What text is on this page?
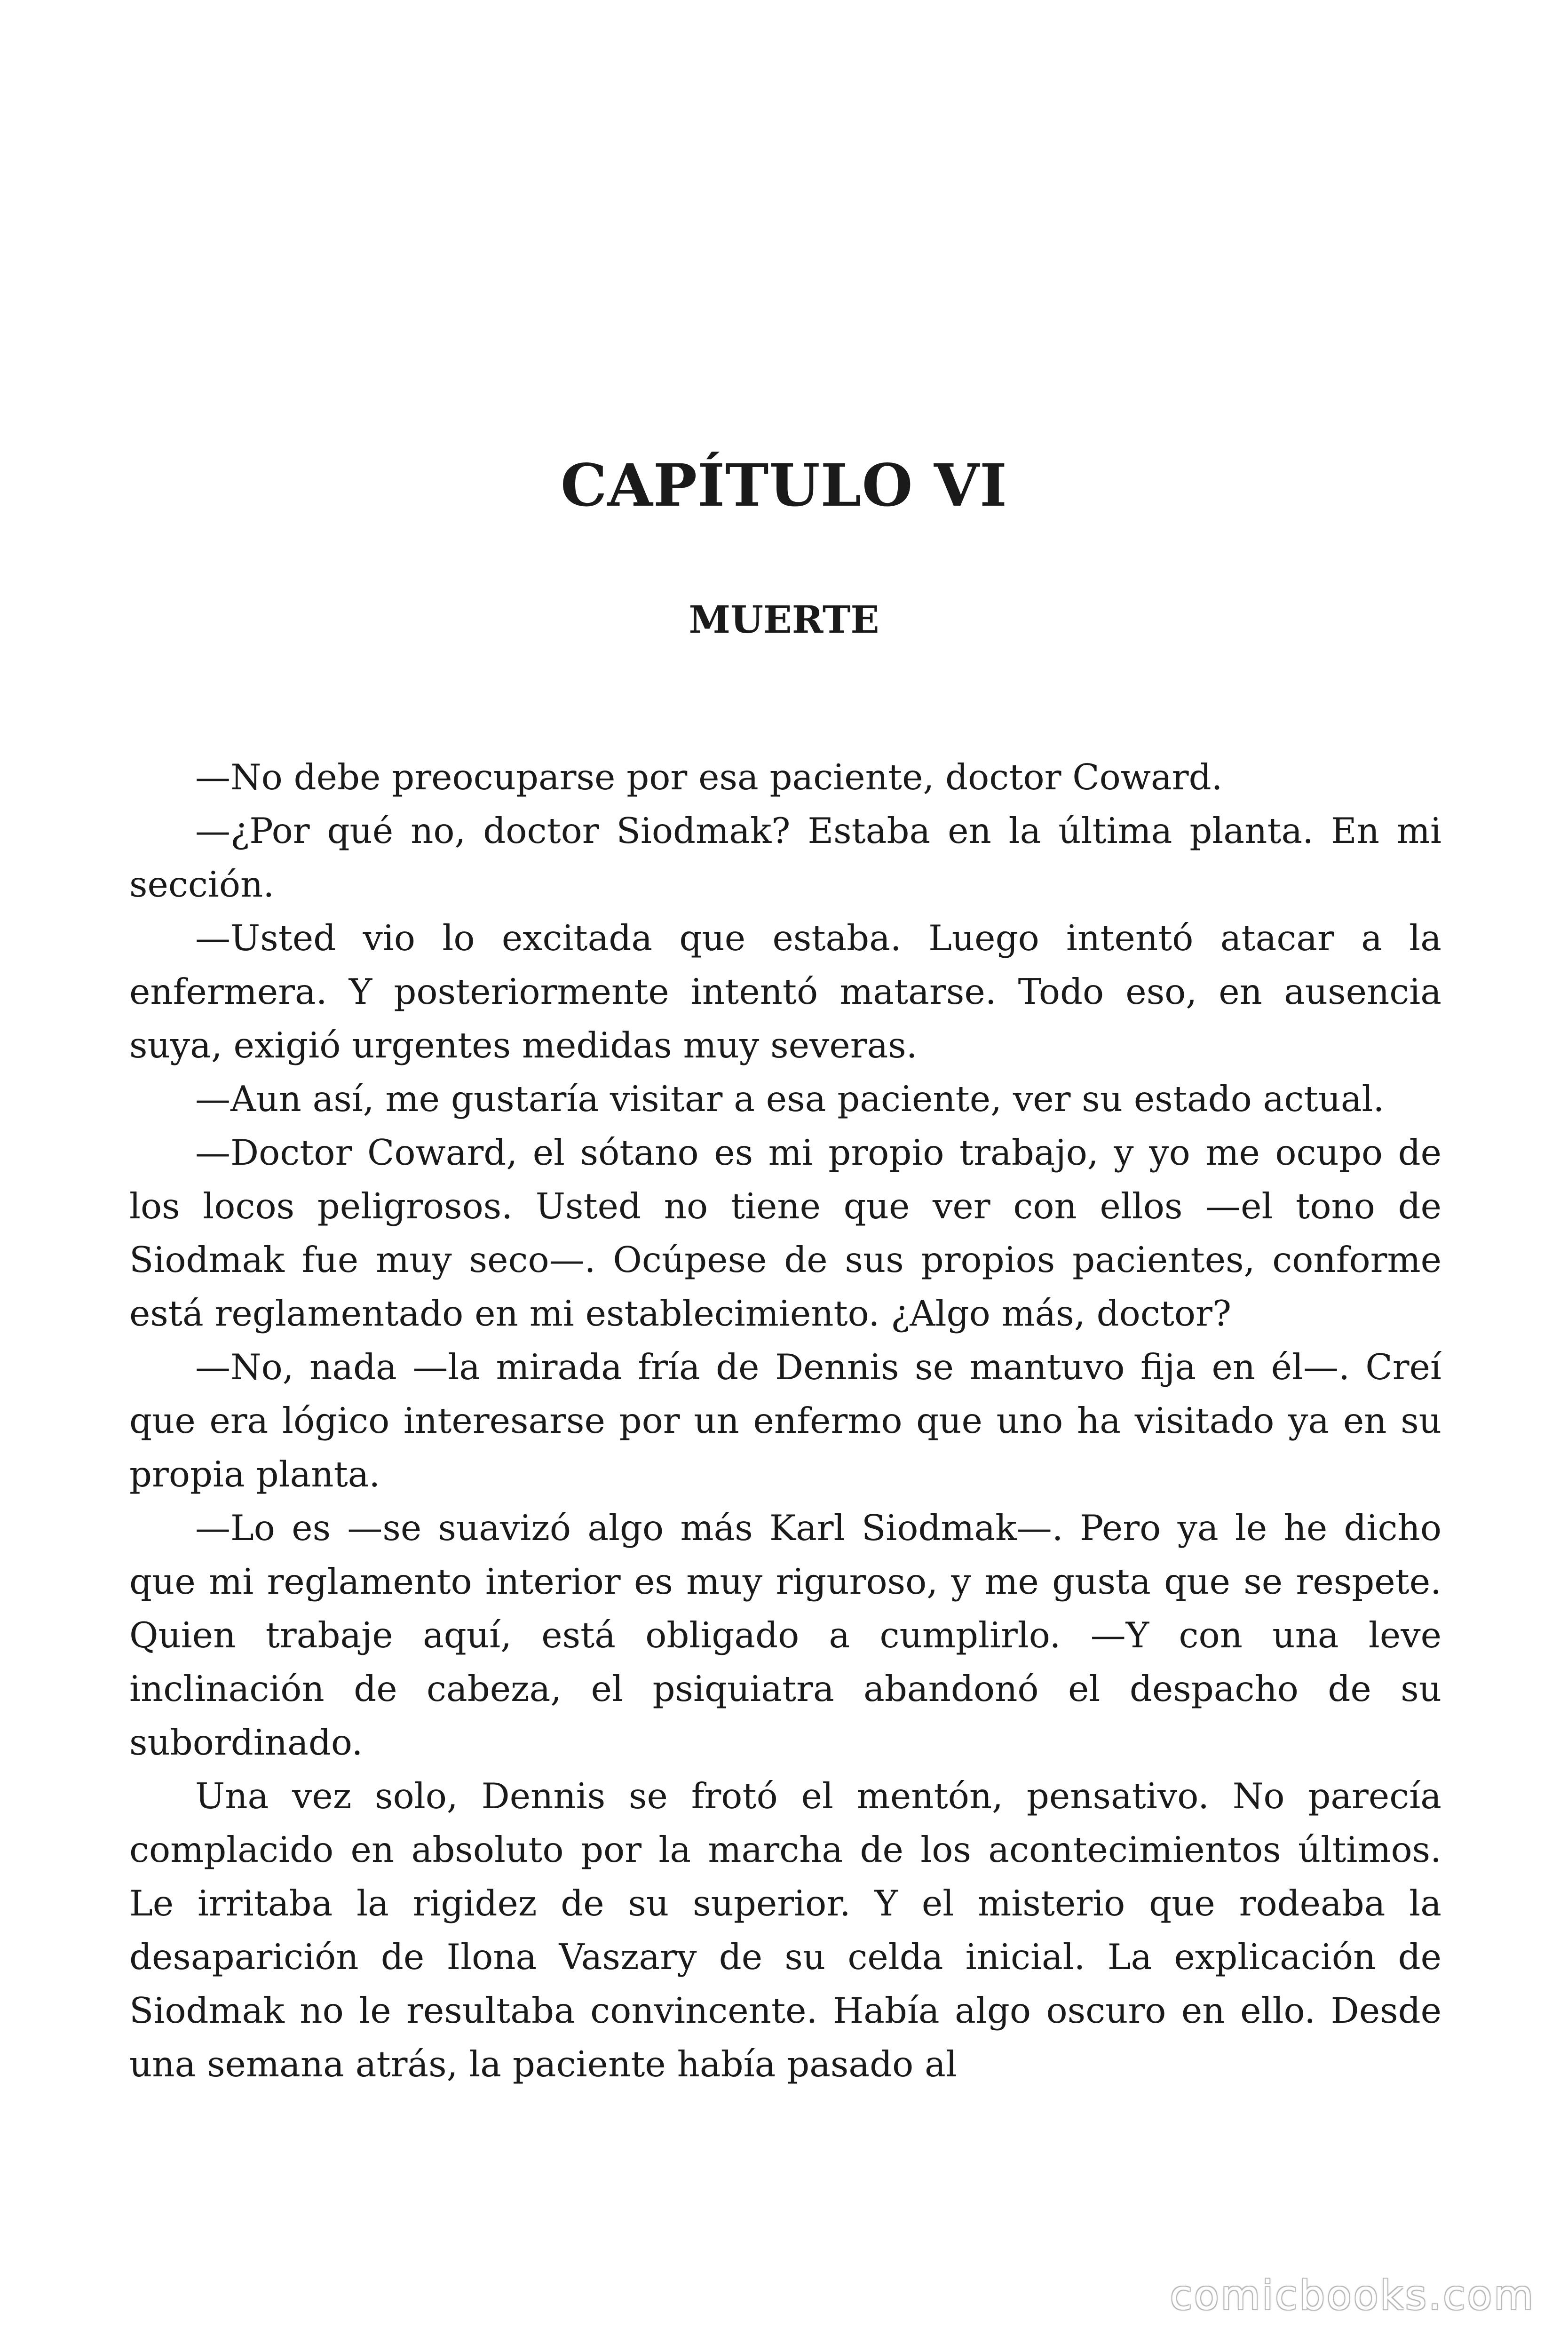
CAPÍTULO VI
MUERTE

—No debe preocuparse por esa paciente, doctor Coward.

—¿Por qué no, doctor Siodmak? Estaba en la última planta. En mi sección.

—Usted vio lo excitada que estaba. Luego intentó atacar a la enfermera. Y posteriormente intentó matarse. Todo eso, en ausencia suya, exigió urgentes medidas muy severas.

—Aun así, me gustaría visitar a esa paciente, ver su estado actual.

—Doctor Coward, el sótano es mi propio trabajo, y yo me ocupo de los locos peligrosos. Usted no tiene que ver con ellos —el tono de Siodmak fue muy seco—. Ocúpese de sus propios pacientes, conforme está reglamentado en mi establecimiento. ¿Algo más, doctor?

—No, nada —la mirada fría de Dennis se mantuvo fija en él—. Creí que era lógico interesarse por un enfermo que uno ha visitado ya en su propia planta.

—Lo es —se suavizó algo más Karl Siodmak—. Pero ya le he dicho que mi reglamento interior es muy riguroso, y me gusta que se respete. Quien trabaje aquí, está obligado a cumplirlo. —Y con una leve inclinación de cabeza, el psiquiatra abandonó el despacho de su subordinado.

Una vez solo, Dennis se frotó el mentón, pensativo. No parecía complacido en absoluto por la marcha de los acontecimientos últimos. Le irritaba la rigidez de su superior. Y el misterio que rodeaba la desaparición de Ilona Vaszary de su celda inicial. La explicación de Siodmak no le resultaba convincente. Había algo oscuro en ello. Desde una semana atrás, la paciente había pasado al

comicbooks.com
